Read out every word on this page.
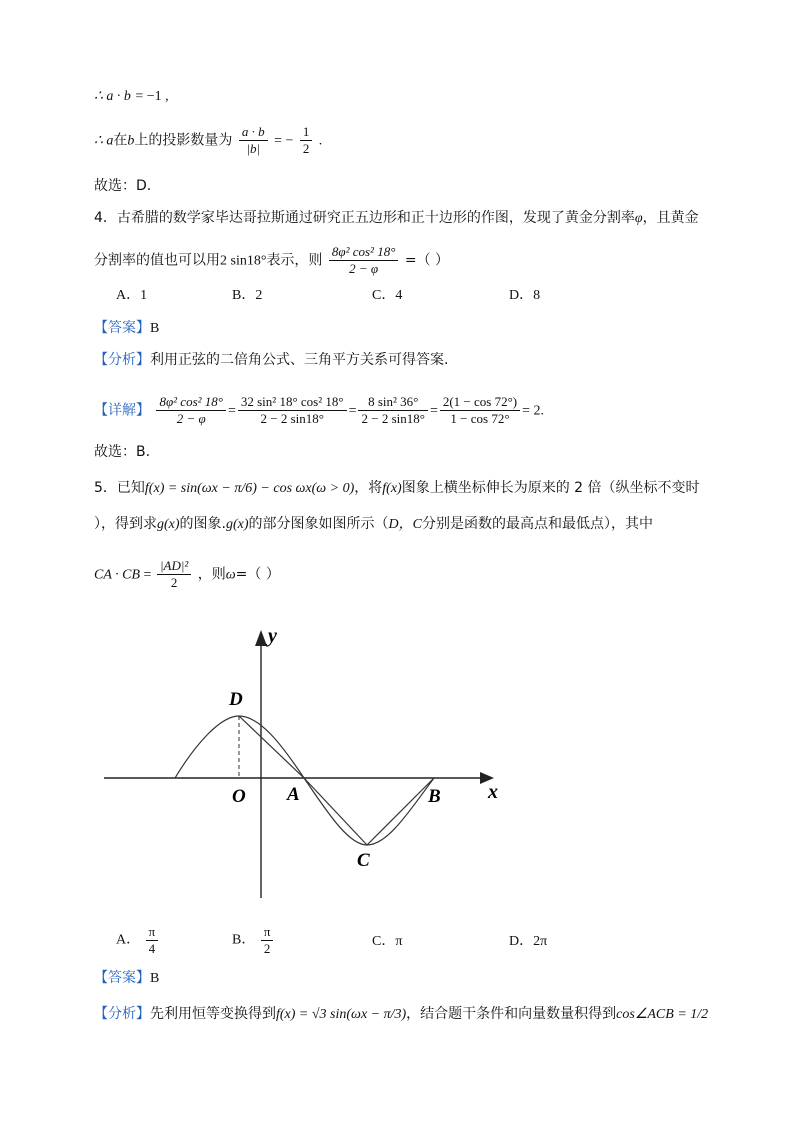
∴ a · b = −1 ,
∴ a在b上的投影数量为 $\frac{a \cdot b}{|b|}$ = − $\frac{1}{2}$ .
故选：D.
4．古希腊的数学家毕达哥拉斯通过研究正五边形和正十边形的作图，发现了黄金分割率φ，且黄金
分割率的值也可以用2 sin18°表示，则 $\frac{\text{8φ² cos² 18°}}{2 - \varphi}$ =（ ）
A．1	B．2	C．4	D．8
【答案】B
【分析】利用正弦的二倍角公式、三角平方关系可得答案.
【详解】 $\frac{\text{8φ² cos² 18°}}{2 - \varphi} = \frac{\text{32 sin² 18° cos² 18°}}{2 - 2 \sin 18^\circ} = \frac{\text{8 sin² 36°}}{2 - 2 \sin 18^\circ} = \frac{2(1 - \cos 72^\circ)}{1 - \cos 72^\circ} = 2$.
故选：B.
5．已知f(x) = sin(ωx − π/6) − cos ωx(ω > 0)，将f(x)图象上横坐标伸长为原来的 2 倍（纵坐标不变时
），得到求g(x)的图象.g(x)的部分图象如图所示（D，C分别是函数的最高点和最低点），其中
CA · CB = $\frac{\text{|AD|²}}{2}$ ，则ω=（ ）
y
x
D
O A	B
C
A． $\frac{\pi}{4}$	B． $\frac{\pi}{2}$	C．π	D．2π
【答案】B
【分析】先利用恒等变换得到f(x) = √3 sin(ωx − π/3)，结合题干条件和向量数量积得到cos∠ACB = 1/2
